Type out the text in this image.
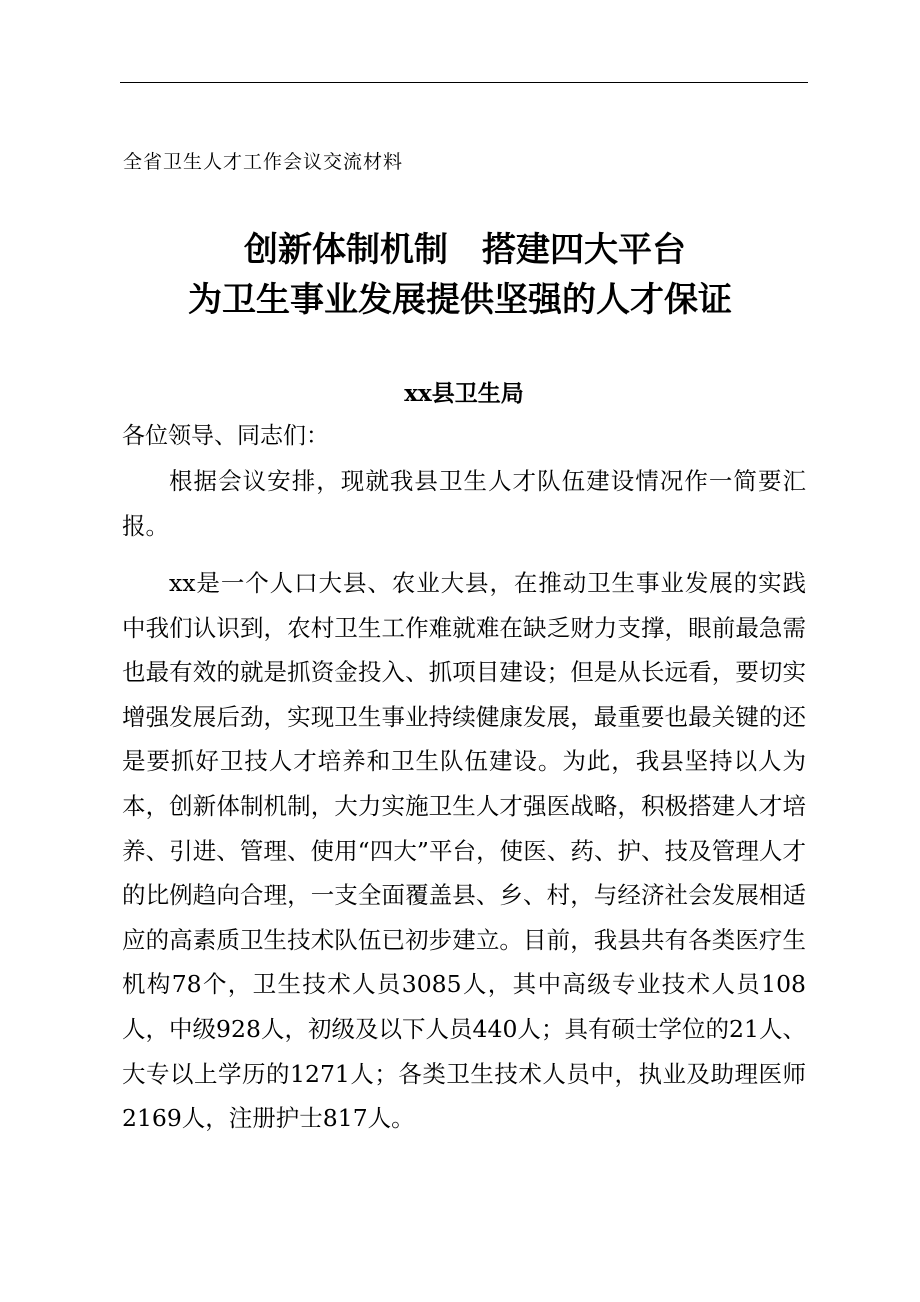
全省卫生人才工作会议交流材料
创新体制机制　搭建四大平台
为卫生事业发展提供坚强的人才保证
xx县卫生局
各位领导、同志们：

根据会议安排，现就我县卫生人才队伍建设情况作一简要汇报。

xx是一个人口大县、农业大县，在推动卫生事业发展的实践中我们认识到，农村卫生工作难就难在缺乏财力支撑，眼前最急需也最有效的就是抓资金投入、抓项目建设；但是从长远看，要切实增强发展后劲，实现卫生事业持续健康发展，最重要也最关键的还是要抓好卫技人才培养和卫生队伍建设。为此，我县坚持以人为本，创新体制机制，大力实施卫生人才强医战略，积极搭建人才培养、引进、管理、使用“四大”平台，使医、药、护、技及管理人才的比例趋向合理，一支全面覆盖县、乡、村，与经济社会发展相适应的高素质卫生技术队伍已初步建立。目前，我县共有各类医疗生机构78个，卫生技术人员3085人，其中高级专业技术人员108人，中级928人，初级及以下人员440人；具有硕士学位的21人、大专以上学历的1271人；各类卫生技术人员中，执业及助理医师2169人，注册护士817人。
